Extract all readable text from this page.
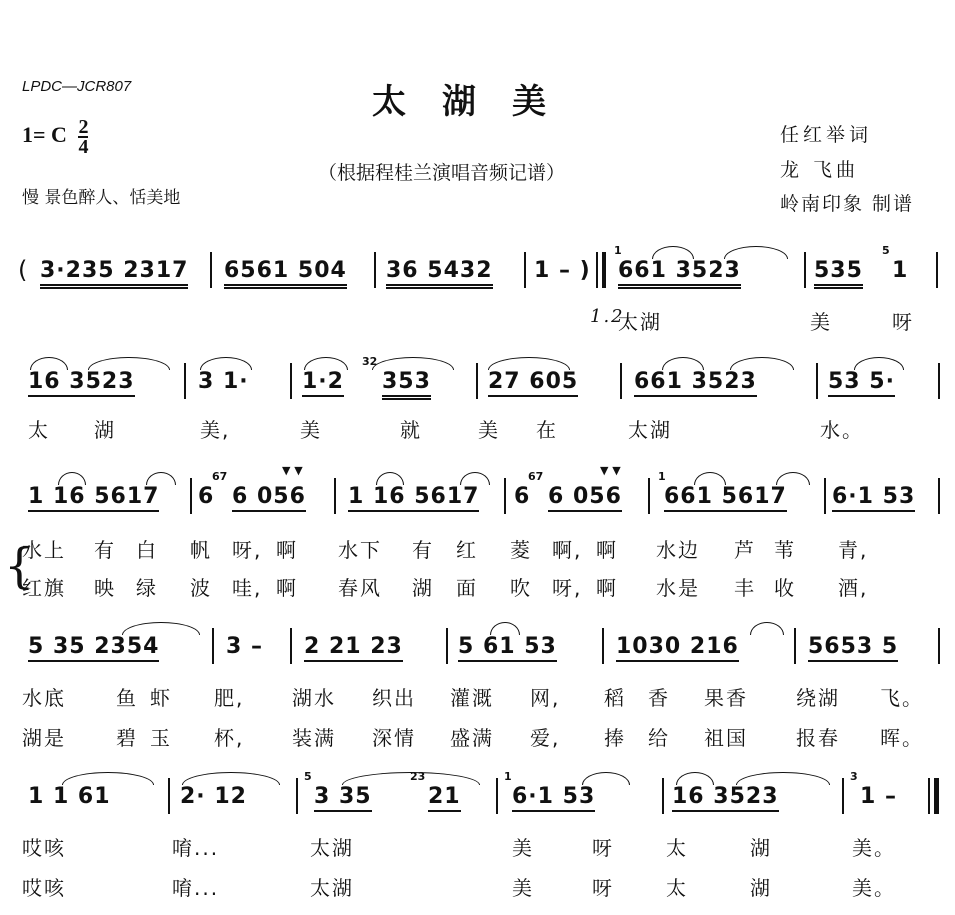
LPDC—JCR807
1= C $\frac{2}{4}$
慢 景色醉人、恬美地
太湖美
（根据程桂兰演唱音频记谱）
任红举词
龙 飞曲
岭南印象 制谱
( 3·235 2317 6561 504 36 5432 1 – )
1
661 3523	535
5
1
1.2.
太湖	美	呀
16 3523	3 1· 1·2
32
353	27 605	661 3523	53 5·
太 湖	美,	美	就	美 在	太湖	水。
1 16 5617 6
67
6 056
▼ ▼
1 16 5617 6
67
6 056
▼ ▼	1
661 5617 6·1 53
{
水上 有 白 帆 呀, 啊 水下 有 红 菱 啊, 啊 水边 芦 苇 青,
红旗 映 绿 波 哇, 啊 春风 湖 面 吹 呀, 啊 水是 丰 收 酒,
5 35 2354	3 – 2 21 23	5 61 53	1030 216	5653 5
水底	鱼 虾 肥, 湖水 织出 灌溉 网, 稻 香 果香 绕湖 飞。
湖是	碧 玉 杯, 装满 深情 盛满 爱, 捧 给 祖国 报春 晖。
1 1 61	2· 12
5
3 35
23
21
1
6·1 53	16 3523
3
1 –
哎咳	唷...	太湖	美	呀	太	湖	美。
哎咳	唷...	太湖	美	呀	太	湖	美。
